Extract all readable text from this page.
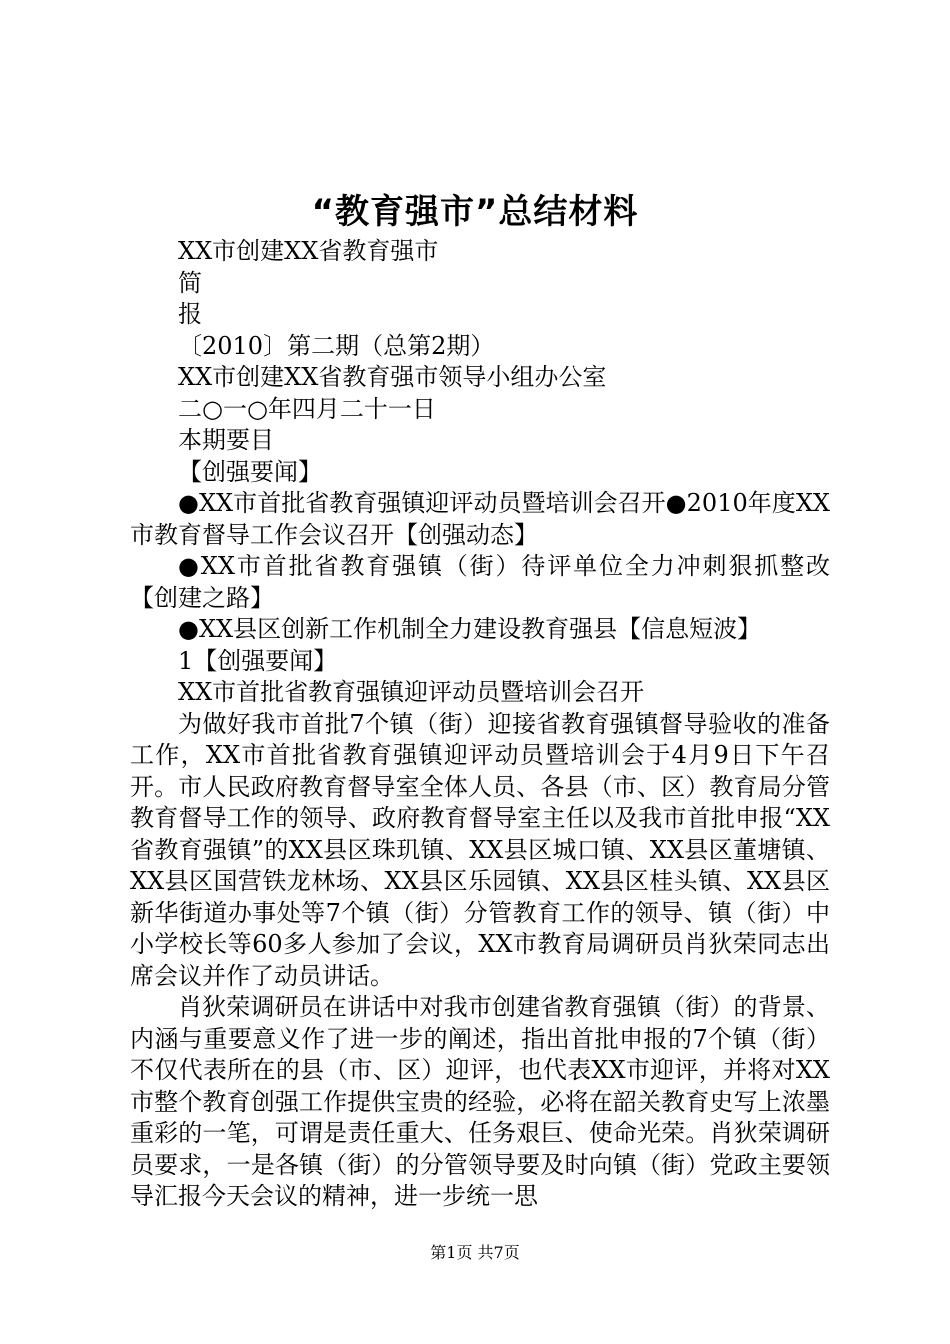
“教育强市”总结材料

XX市创建XX省教育强市

简

报

〔2010〕第二期（总第2期）

XX市创建XX省教育强市领导小组办公室

二○一○年四月二十一日

本期要目

【创强要闻】

●XX市首批省教育强镇迎评动员暨培训会召开●2010年度XX市教育督导工作会议召开【创强动态】

●XX市首批省教育强镇（街）待评单位全力冲刺狠抓整改【创建之路】

●XX县区创新工作机制全力建设教育强县【信息短波】

1【创强要闻】

XX市首批省教育强镇迎评动员暨培训会召开

为做好我市首批7个镇（街）迎接省教育强镇督导验收的准备工作，XX市首批省教育强镇迎评动员暨培训会于4月9日下午召开。市人民政府教育督导室全体人员、各县（市、区）教育局分管教育督导工作的领导、政府教育督导室主任以及我市首批申报“XX省教育强镇”的XX县区珠玑镇、XX县区城口镇、XX县区董塘镇、XX县区国营铁龙林场、XX县区乐园镇、XX县区桂头镇、XX县区新华街道办事处等7个镇（街）分管教育工作的领导、镇（街）中小学校长等60多人参加了会议，XX市教育局调研员肖狄荣同志出席会议并作了动员讲话。

肖狄荣调研员在讲话中对我市创建省教育强镇（街）的背景、内涵与重要意义作了进一步的阐述，指出首批申报的7个镇（街）不仅代表所在的县（市、区）迎评，也代表XX市迎评，并将对XX市整个教育创强工作提供宝贵的经验，必将在韶关教育史写上浓墨重彩的一笔，可谓是责任重大、任务艰巨、使命光荣。肖狄荣调研员要求，一是各镇（街）的分管领导要及时向镇（街）党政主要领导汇报今天会议的精神，进一步统一思

第1页 共7页
